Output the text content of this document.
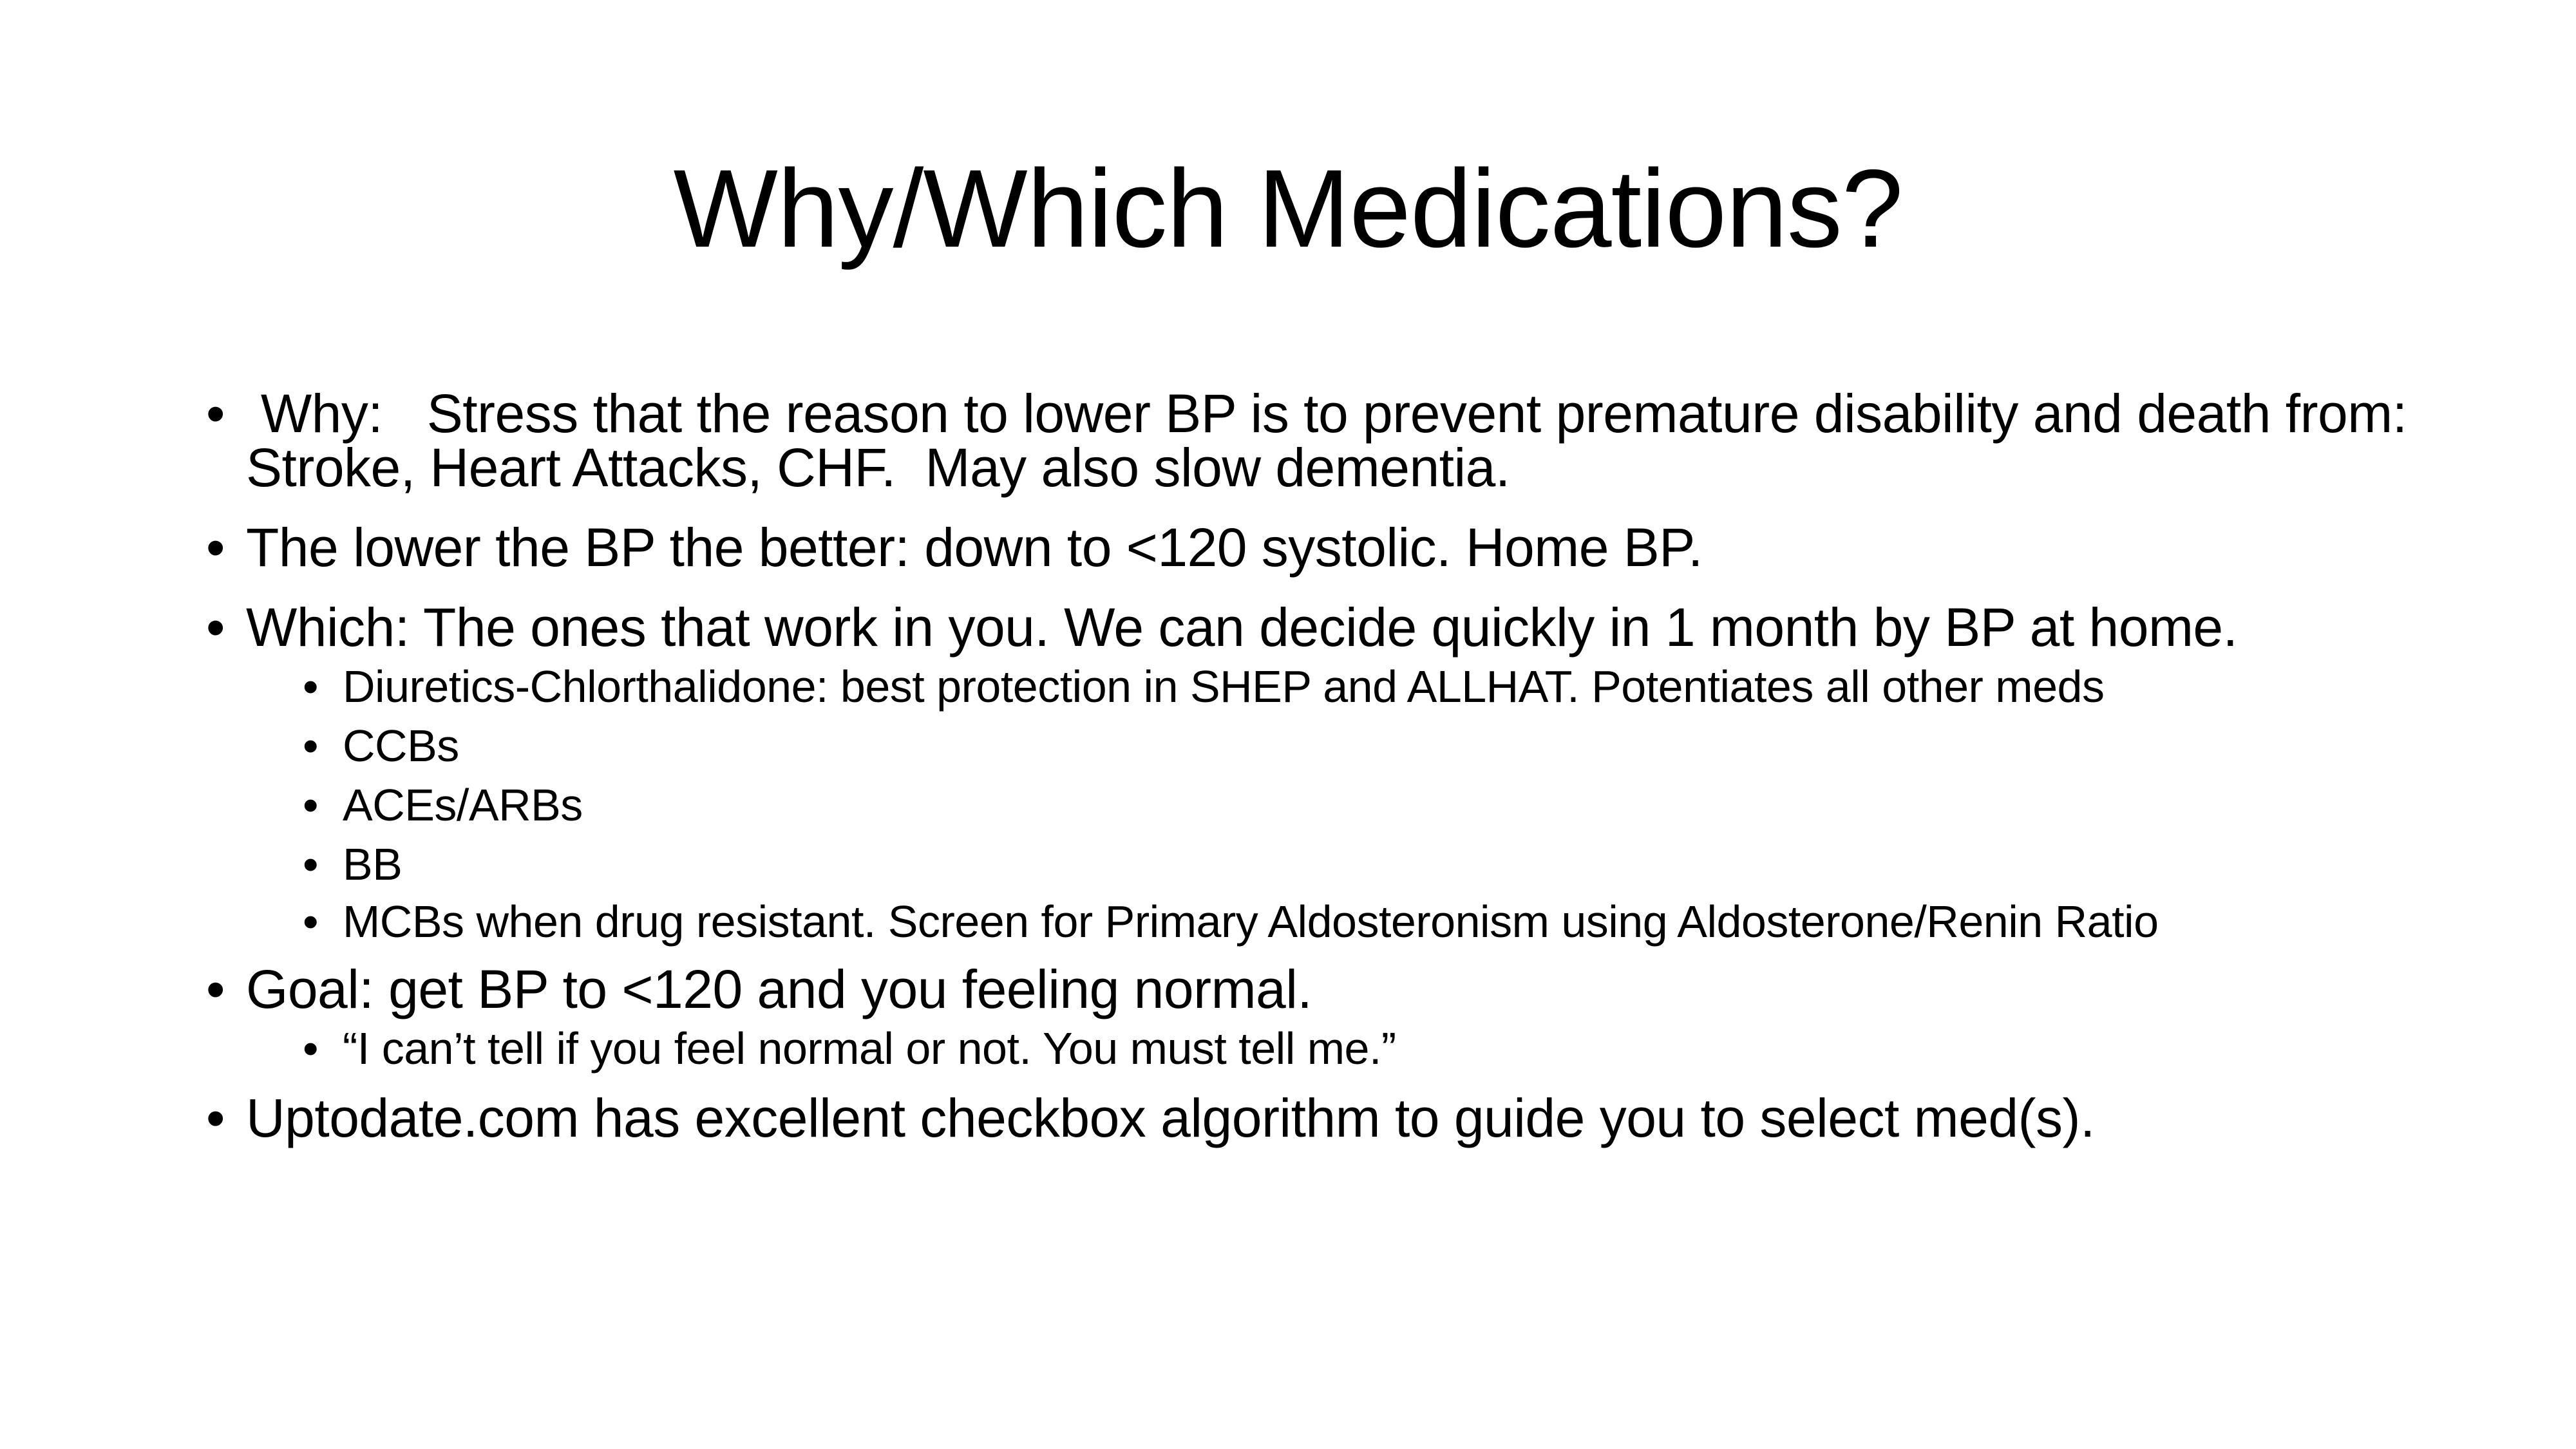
Why/Which Medications?
• Why:   Stress that the reason to lower BP is to prevent premature disability and death from: Stroke, Heart Attacks, CHF.  May also slow dementia.
• The lower the BP the better: down to <120 systolic. Home BP.
• Which: The ones that work in you. We can decide quickly in 1 month by BP at home.
• Diuretics-Chlorthalidone: best protection in SHEP and ALLHAT. Potentiates all other meds
• CCBs
• ACEs/ARBs
• BB
• MCBs when drug resistant. Screen for Primary Aldosteronism using Aldosterone/Renin Ratio
• Goal: get BP to <120 and you feeling normal.
• “I can’t tell if you feel normal or not. You must tell me.”
• Uptodate.com has excellent checkbox algorithm to guide you to select med(s).
